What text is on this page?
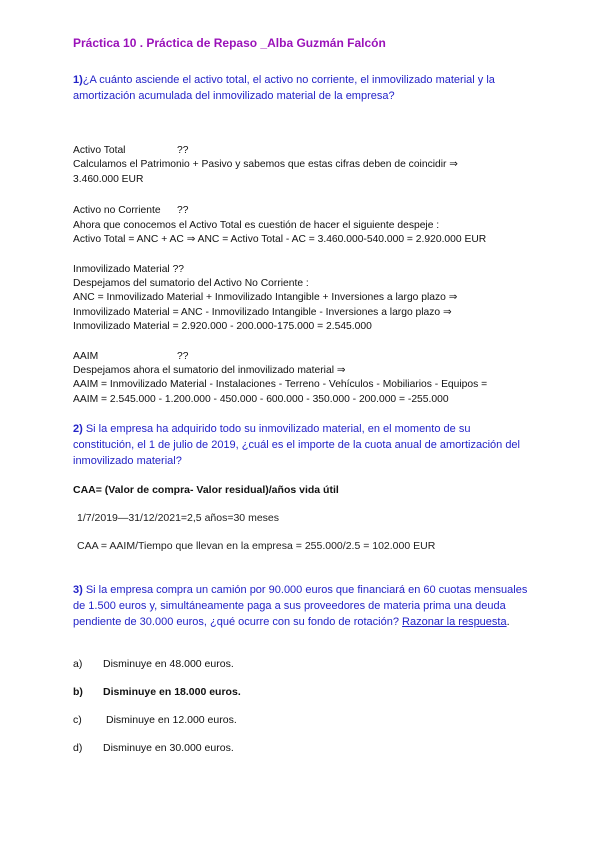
Práctica 10 . Práctica de Repaso _Alba Guzmán Falcón
1)¿A cuánto asciende el activo total, el activo no corriente, el inmovilizado material y la amortización acumulada del inmovilizado material de la empresa?
Activo Total	??
Calculamos el Patrimonio + Pasivo y sabemos que estas cifras deben de coincidir ⇒
3.460.000 EUR
Activo no Corriente ??
Ahora que conocemos el Activo Total es cuestión de hacer el siguiente despeje :
Activo Total = ANC + AC ⇒ ANC = Activo Total - AC = 3.460.000-540.000 = 2.920.000 EUR
Inmovilizado Material ??
Despejamos del sumatorio del Activo No Corriente :
ANC = Inmovilizado Material + Inmovilizado Intangible + Inversiones a largo plazo ⇒
Inmovilizado Material = ANC - Inmovilizado Intangible - Inversiones a largo plazo ⇒
Inmovilizado Material = 2.920.000 - 200.000-175.000 = 2.545.000
AAIM	??
Despejamos ahora el sumatorio del inmovilizado material ⇒
AAIM = Inmovilizado Material - Instalaciones - Terreno - Vehículos - Mobiliarios - Equipos =
AAIM = 2.545.000 - 1.200.000 - 450.000 - 600.000 - 350.000 - 200.000 = -255.000
2) Si la empresa ha adquirido todo su inmovilizado material, en el momento de su constitución, el 1 de julio de 2019, ¿cuál es el importe de la cuota anual de amortización del inmovilizado material?
CAA= (Valor de compra- Valor residual)/años vida útil
1/7/2019—31/12/2021=2,5 años=30 meses
CAA = AAIM/Tiempo que llevan en la empresa = 255.000/2.5 = 102.000 EUR
3) Si la empresa compra un camión por 90.000 euros que financiará en 60 cuotas mensuales de 1.500 euros y, simultáneamente paga a sus proveedores de materia prima una deuda pendiente de 30.000 euros, ¿qué ocurre con su fondo de rotación? Razonar la respuesta.
a) Disminuye en 48.000 euros.
b) Disminuye en 18.000 euros.
c) Disminuye en 12.000 euros.
d) Disminuye en 30.000 euros.
